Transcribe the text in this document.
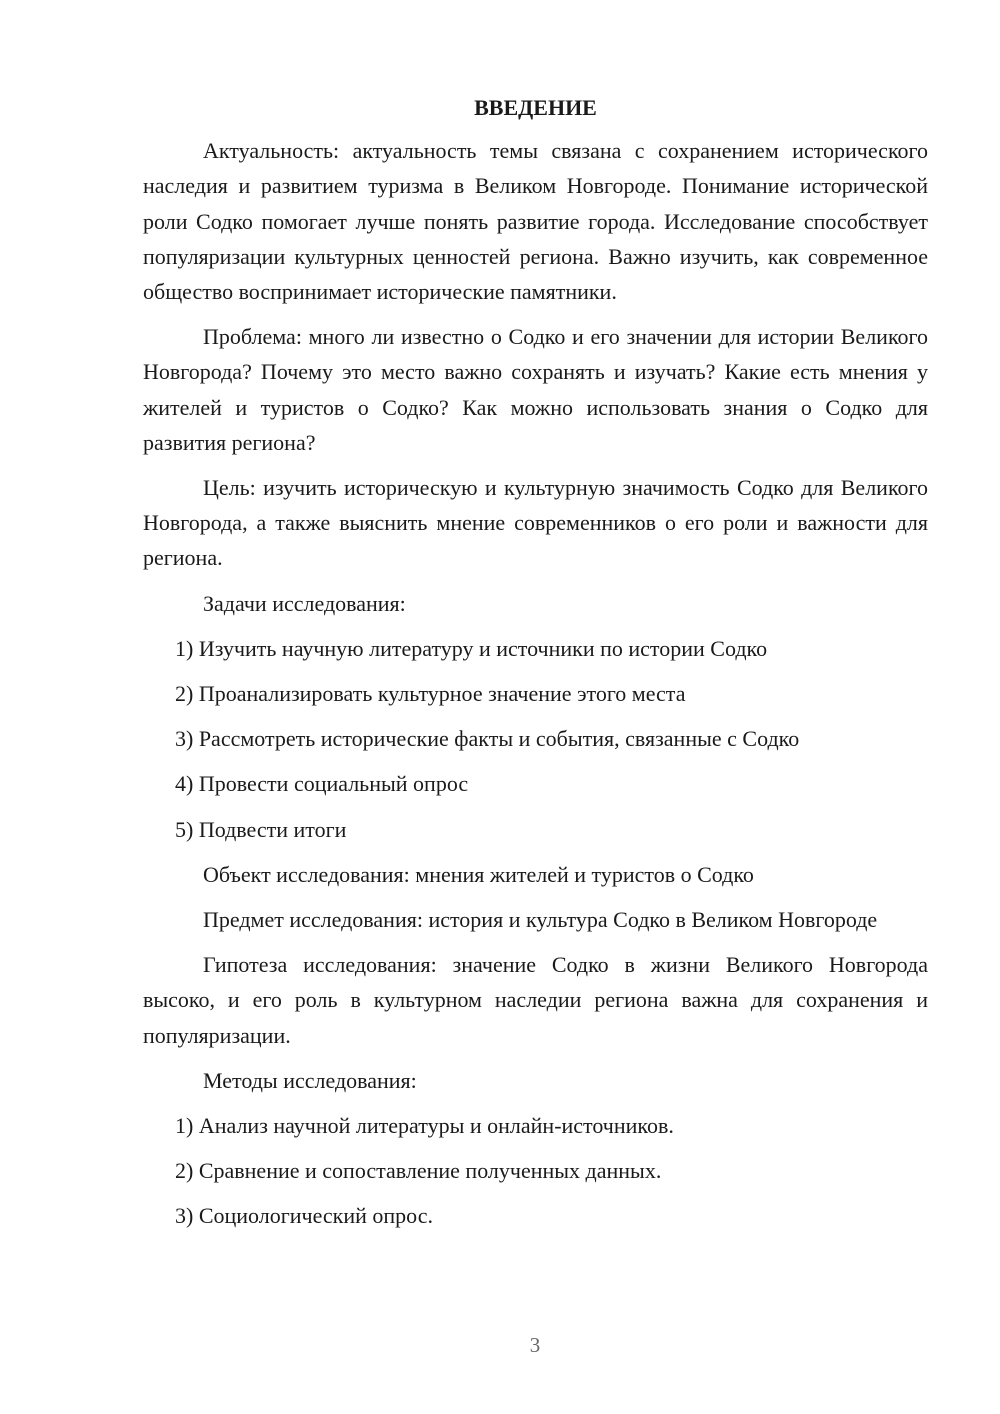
ВВЕДЕНИЕ

Актуальность: актуальность темы связана с сохранением исторического наследия и развитием туризма в Великом Новгороде. Понимание исторической роли Содко помогает лучше понять развитие города. Исследование способствует популяризации культурных ценностей региона. Важно изучить, как современное общество воспринимает исторические памятники.

Проблема: много ли известно о Содко и его значении для истории Великого Новгорода? Почему это место важно сохранять и изучать? Какие есть мнения у жителей и туристов о Содко? Как можно использовать знания о Содко для развития региона?

Цель: изучить историческую и культурную значимость Содко для Великого Новгорода, а также выяснить мнение современников о его роли и важности для региона.

Задачи исследования:

1) Изучить научную литературу и источники по истории Содко
2) Проанализировать культурное значение этого места
3) Рассмотреть исторические факты и события, связанные с Содко
4) Провести социальный опрос
5) Подвести итоги

Объект исследования: мнения жителей и туристов о Содко

Предмет исследования: история и культура Содко в Великом Новгороде

Гипотеза исследования: значение Содко в жизни Великого Новгорода высоко, и его роль в культурном наследии региона важна для сохранения и популяризации.

Методы исследования:

1) Анализ научной литературы и онлайн-источников.
2) Сравнение и сопоставление полученных данных.
3) Социологический опрос.
3
